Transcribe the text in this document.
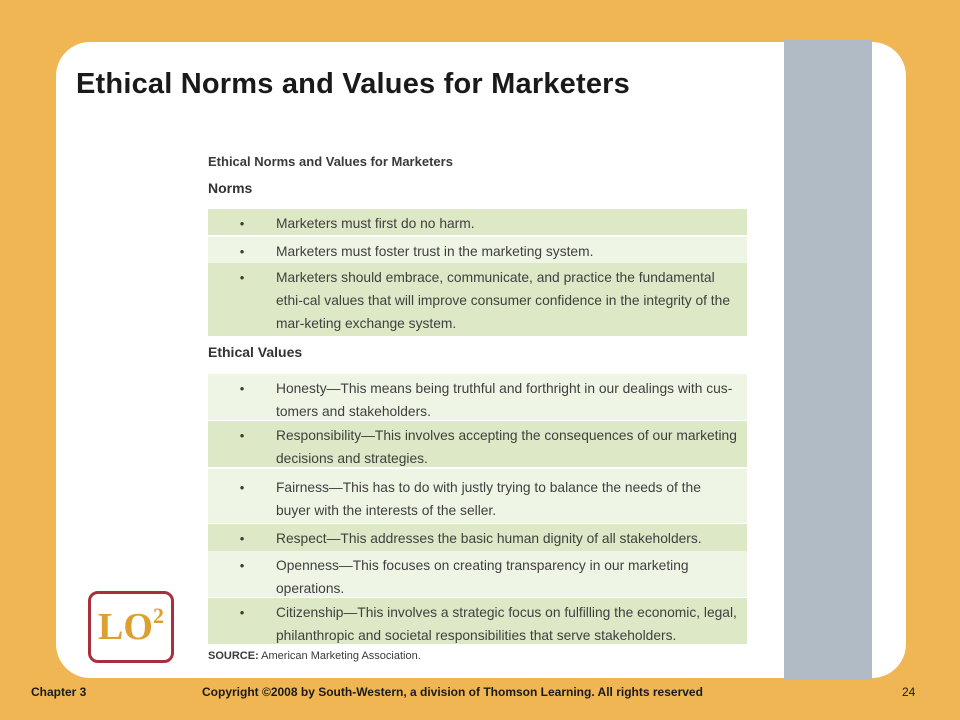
Ethical Norms and Values for Marketers
Ethical Norms and Values for Marketers
Norms
•	Marketers must first do no harm.
•	Marketers must foster trust in the marketing system.
•	Marketers should embrace, communicate, and practice the fundamental ethi-cal values that will improve consumer confidence in the integrity of the mar-keting exchange system.
Ethical Values
•	Honesty—This means being truthful and forthright in our dealings with cus-tomers and stakeholders.
•	Responsibility—This involves accepting the consequences of our marketing decisions and strategies.
•	Fairness—This has to do with justly trying to balance the needs of the buyer with the interests of the seller.
•	Respect—This addresses the basic human dignity of all stakeholders.
•	Openness—This focuses on creating transparency in our marketing operations.
•	Citizenship—This involves a strategic focus on fulfilling the economic, legal, philanthropic and societal responsibilities that serve stakeholders.
SOURCE: American Marketing Association.
LO2
Chapter 3	Copyright ©2008 by South-Western, a division of Thomson Learning. All rights reserved	24
